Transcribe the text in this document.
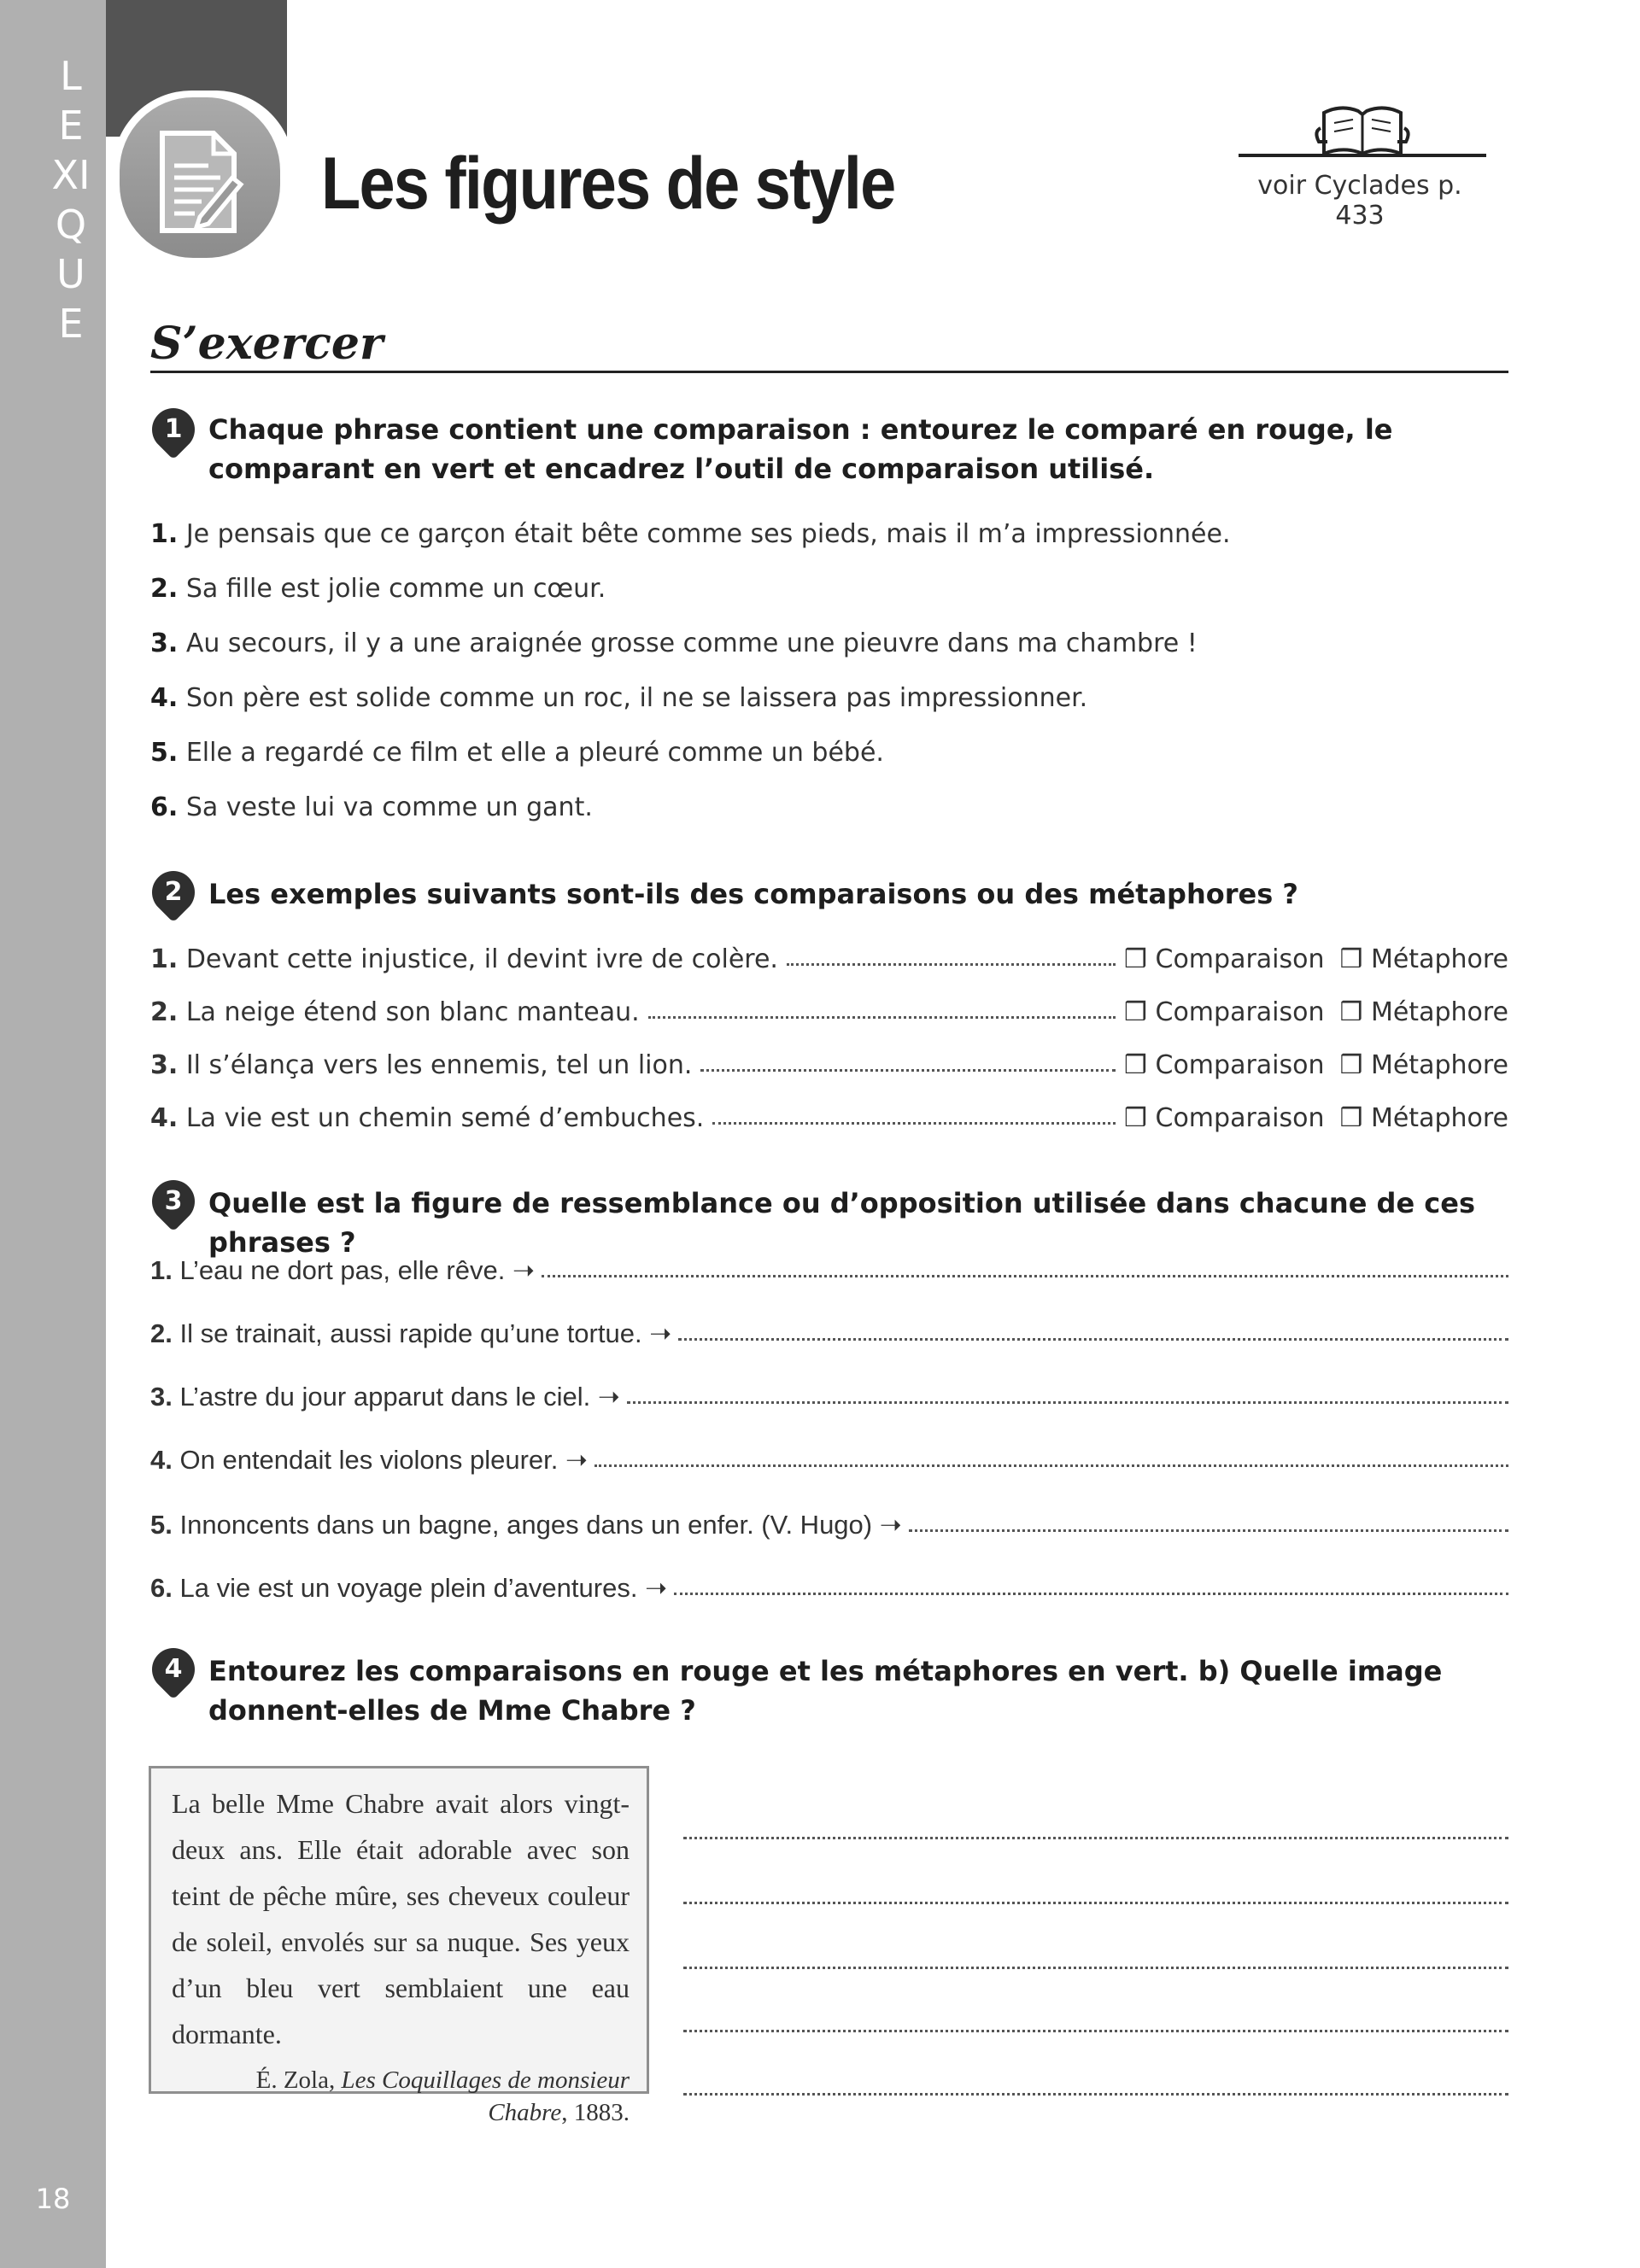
LEXIQUE
18
Les figures de style	voir Cyclades p. 433
S’exercer
1 Chaque phrase contient une comparaison : entourez le comparé en rouge, le comparant en vert et encadrez l’outil de comparaison utilisé.
1. Je pensais que ce garçon était bête comme ses pieds, mais il m’a impressionnée.
2. Sa fille est jolie comme un cœur.
3. Au secours, il y a une araignée grosse comme une pieuvre dans ma chambre !
4. Son père est solide comme un roc, il ne se laissera pas impressionner.
5. Elle a regardé ce film et elle a pleuré comme un bébé.
6. Sa veste lui va comme un gant.
2 Les exemples suivants sont-ils des comparaisons ou des métaphores ?
1.
Devant cette injustice, il devint ivre de colère.	❒ Comparaison ❒ Métaphore
2.
La neige étend son blanc manteau.	❒ Comparaison ❒ Métaphore
3.
Il s’élança vers les ennemis, tel un lion.	❒ Comparaison ❒ Métaphore
4.
La vie est un chemin semé d’embuches.	❒ Comparaison ❒ Métaphore
3 Quelle est la figure de ressemblance ou d’opposition utilisée dans chacune de ces phrases ?
1.
L’eau ne dort pas, elle rêve.
➝
2.
Il se trainait, aussi rapide qu’une tortue.
➝
3.
L’astre du jour apparut dans le ciel.
➝
4.
On entendait les violons pleurer.
➝
5.
Innoncents dans un bagne, anges dans un enfer. (V. Hugo)
➝
6.
La vie est un voyage plein d’aventures.
➝
4 Entourez les comparaisons en rouge et les métaphores en vert. b) Quelle image donnent-elles de Mme Chabre ?
La belle Mme Chabre avait alors vingt-deux ans. Elle était adorable avec son teint de pêche mûre, ses cheveux couleur de soleil, envolés sur sa nuque. Ses yeux d’un bleu vert semblaient une eau dormante.
É. Zola, Les Coquillages de monsieur Chabre, 1883.
